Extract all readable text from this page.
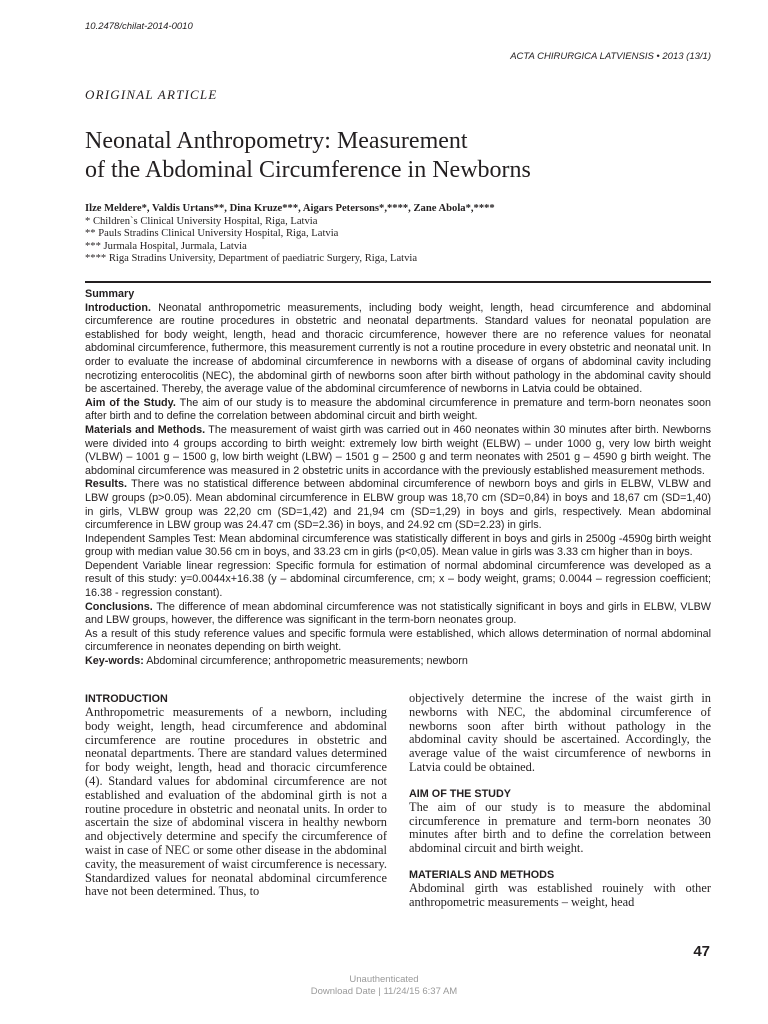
10.2478/chilat-2014-0010
ACTA CHIRURGICA LATVIENSIS • 2013 (13/1)
ORIGINAL ARTICLE
Neonatal Anthropometry: Measurement
of the Abdominal Circumference in Newborns
Ilze Meldere*, Valdis Urtans**, Dina Kruze***, Aigars Petersons*,****, Zane Abola*,****
* Children`s Clinical University Hospital, Riga, Latvia
** Pauls Stradins Clinical University Hospital, Riga, Latvia
*** Jurmala Hospital, Jurmala, Latvia
**** Riga Stradins University, Department of paediatric Surgery, Riga, Latvia

Summary

Introduction. Neonatal anthropometric measurements, including body weight, length, head circumference and abdominal circumference are routine procedures in obstetric and neonatal departments. Standard values for neonatal population are established for body weight, length, head and thoracic circumference, however there are no reference values for neonatal abdominal circumference, futhermore, this measurement currently is not a routine procedure in every obstetric and neonatal unit. In order to evaluate the increase of abdominal circumference in newborns with a disease of organs of abdominal cavity including necrotizing enterocolitis (NEC), the abdominal girth of newborns soon after birth without pathology in the abdominal cavity should be ascertained. Thereby, the average value of the abdominal circumference of newborns in Latvia could be obtained.

Aim of the Study. The aim of our study is to measure the abdominal circumference in premature and term-born neonates soon after birth and to define the correlation between abdominal circuit and birth weight.

Materials and Methods. The measurement of waist girth was carried out in 460 neonates within 30 minutes after birth. Newborns were divided into 4 groups according to birth weight: extremely low birth weight (ELBW) – under 1000 g, very low birth weight (VLBW) – 1001 g – 1500 g, low birth weight (LBW) – 1501 g – 2500 g and term neonates with 2501 g – 4590 g birth weight. The abdominal circumference was measured in 2 obstetric units in accordance with the previously established measurement methods.

Results. There was no statistical difference between abdominal circumference of newborn boys and girls in ELBW, VLBW and LBW groups (p>0.05). Mean abdominal circumference in ELBW group was 18,70 cm (SD=0,84) in boys and 18,67 cm (SD=1,40) in girls, VLBW group was 22,20 cm (SD=1,42) and 21,94 cm (SD=1,29) in boys and girls, respectively. Mean abdominal circumference in LBW group was 24.47 cm (SD=2.36) in boys, and 24.92 cm (SD=2.23) in girls.

Independent Samples Test: Mean abdominal circumference was statistically different in boys and girls in 2500g -4590g birth weight group with median value 30.56 cm in boys, and 33.23 cm in girls (p<0,05). Mean value in girls was 3.33 cm higher than in boys.

Dependent Variable linear regression: Specific formula for estimation of normal abdominal circumference was developed as a result of this study: y=0.0044x+16.38 (y – abdominal circumference, cm; x – body weight, grams; 0.0044 – regression coefficient; 16.38 - regression constant).

Conclusions. The difference of mean abdominal circumference was not statistically significant in boys and girls in ELBW, VLBW and LBW groups, however, the difference was significant in the term-born neonates group.

As a result of this study reference values and specific formula were established, which allows determination of normal abdominal circumference in neonates depending on birth weight.

Key-words: Abdominal circumference; anthropometric measurements; newborn

INTRODUCTION

Anthropometric measurements of a newborn, including body weight, length, head circumference and abdominal circumference are routine procedures in obstetric and neonatal departments. There are standard values determined for body weight, length, head and thoracic circumference (4). Standard values for abdominal circumference are not established and evaluation of the abdominal girth is not a routine procedure in obstetric and neonatal units. In order to ascertain the size of abdominal viscera in healthy newborn and objectively determine and specify the circumference of waist in case of NEC or some other disease in the abdominal cavity, the measurement of waist circumference is necessary. Standardized values for neonatal abdominal circumference have not been determined. Thus, to

objectively determine the increse of the waist girth in newborns with NEC, the abdominal circumference of newborns soon after birth without pathology in the abdominal cavity should be ascertained. Accordingly, the average value of the waist circumference of newborns in Latvia could be obtained.

AIM OF THE STUDY

The aim of our study is to measure the abdominal circumference in premature and term-born neonates 30 minutes after birth and to define the correlation between abdominal circuit and birth weight.

MATERIALS AND METHODS

Abdominal girth was established rouinely with other anthropometric measurements – weight, head

47
Unauthenticated
Download Date | 11/24/15 6:37 AM
